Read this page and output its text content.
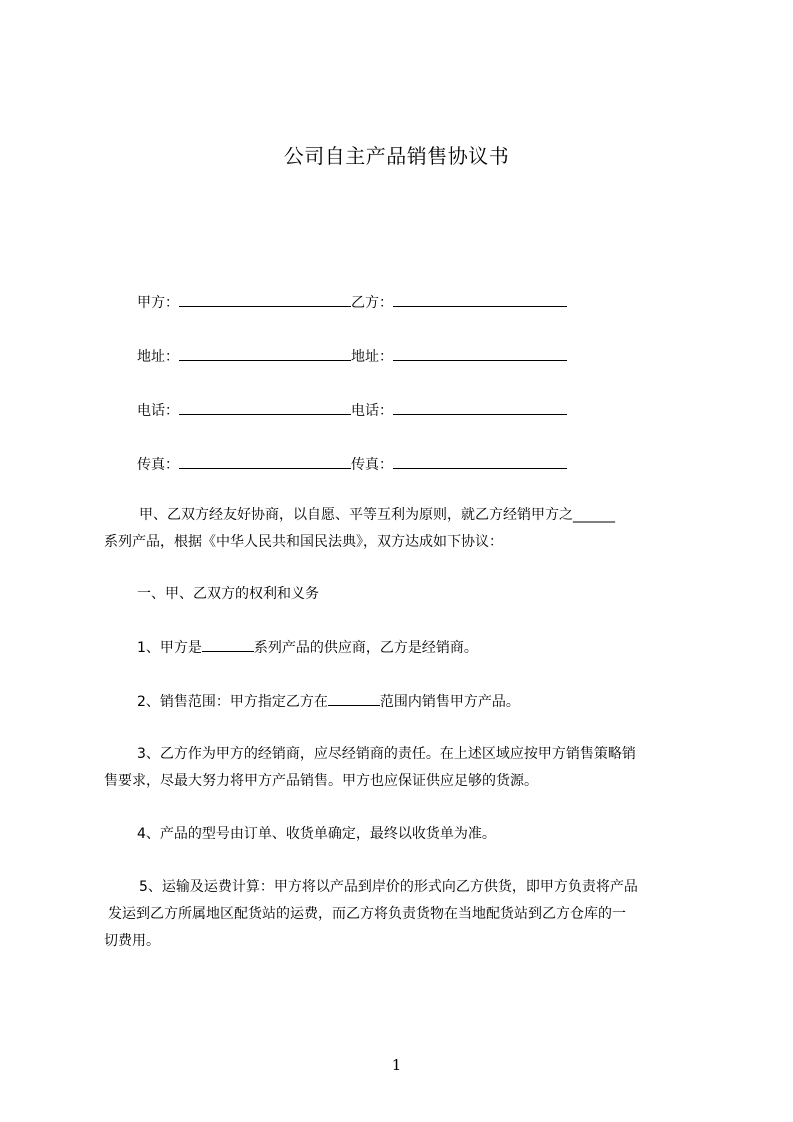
公司自主产品销售协议书
甲方：	乙方：
地址：	地址：
电话：	电话：
传真：	传真：
甲、乙双方经友好协商，以自愿、平等互利为原则，就乙方经销甲方之______
系列产品，根据《中华人民共和国民法典》，双方达成如下协议：
一、甲、乙双方的权利和义务
1、甲方是	系列产品的供应商，乙方是经销商。
2、销售范围：甲方指定乙方在	范围内销售甲方产品。
3、乙方作为甲方的经销商，应尽经销商的责任。在上述区域应按甲方销售策略销
售要求，尽最大努力将甲方产品销售。甲方也应保证供应足够的货源。
4、产品的型号由订单、收货单确定，最终以收货单为准。
5、运输及运费计算：甲方将以产品到岸价的形式向乙方供货，即甲方负责将产品
发运到乙方所属地区配货站的运费，而乙方将负责货物在当地配货站到乙方仓库的一
切费用。
1
